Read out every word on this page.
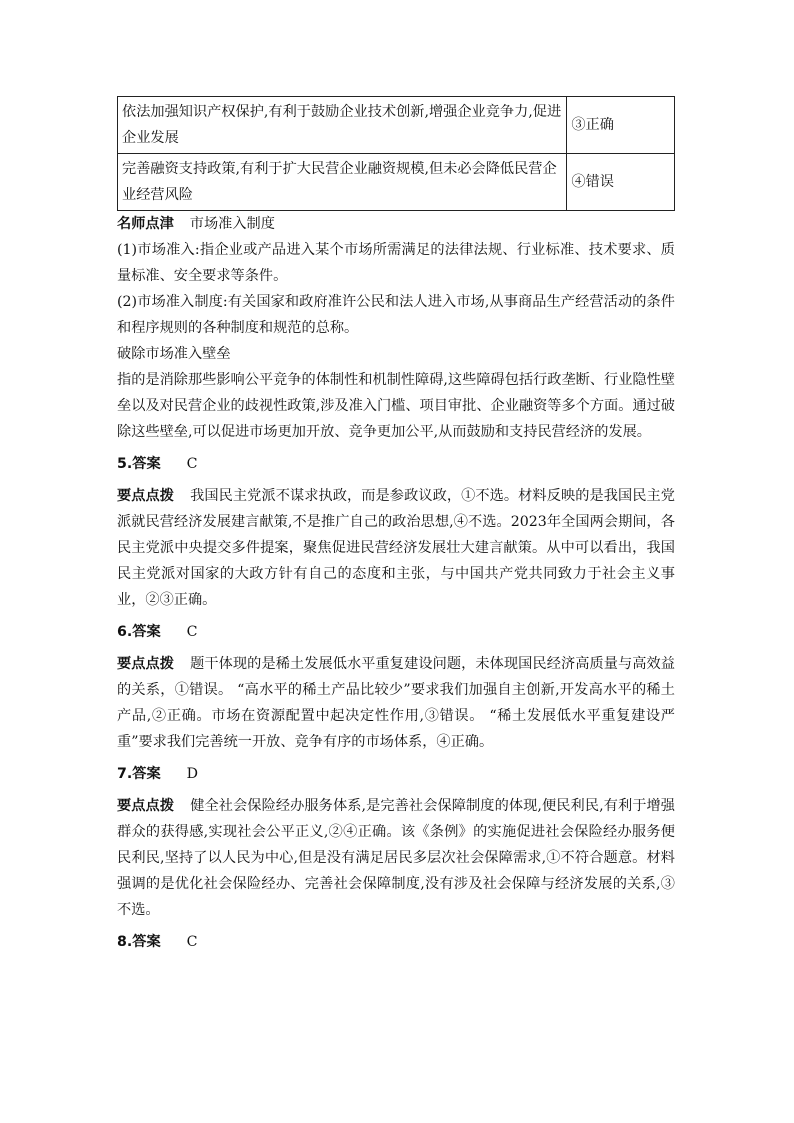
依法加强知识产权保护,有利于鼓励企业技术创新,增强企业竞争力,促进企业发展	③正确
完善融资支持政策,有利于扩大民营企业融资规模,但未必会降低民营企业经营风险	④错误

名师点津 市场准入制度

(1)市场准入:指企业或产品进入某个市场所需满足的法律法规、行业标准、技术要求、质量标准、安全要求等条件。

(2)市场准入制度:有关国家和政府准许公民和法人进入市场,从事商品生产经营活动的条件和程序规则的各种制度和规范的总称。

破除市场准入壁垒

指的是消除那些影响公平竞争的体制性和机制性障碍,这些障碍包括行政垄断、行业隐性壁垒以及对民营企业的歧视性政策,涉及准入门槛、项目审批、企业融资等多个方面。通过破除这些壁垒,可以促进市场更加开放、竞争更加公平,从而鼓励和支持民营经济的发展。

5.答案 C

要点点拨 我国民主党派不谋求执政，而是参政议政，①不选。材料反映的是我国民主党派就民营经济发展建言献策,不是推广自己的政治思想,④不选。2023年全国两会期间，各民主党派中央提交多件提案，聚焦促进民营经济发展壮大建言献策。从中可以看出，我国民主党派对国家的大政方针有自己的态度和主张，与中国共产党共同致力于社会主义事业，②③正确。

6.答案 C

要点点拨 题干体现的是稀土发展低水平重复建设问题，未体现国民经济高质量与高效益的关系，①错误。 “高水平的稀土产品比较少”要求我们加强自主创新,开发高水平的稀土产品,②正确。市场在资源配置中起决定性作用,③错误。 “稀土发展低水平重复建设严重”要求我们完善统一开放、竞争有序的市场体系，④正确。

7.答案 D

要点点拨 健全社会保险经办服务体系,是完善社会保障制度的体现,便民利民,有利于增强群众的获得感,实现社会公平正义,②④正确。该《条例》的实施促进社会保险经办服务便民利民,坚持了以人民为中心,但是没有满足居民多层次社会保障需求,①不符合题意。材料强调的是优化社会保险经办、完善社会保障制度,没有涉及社会保障与经济发展的关系,③不选。

8.答案 C
